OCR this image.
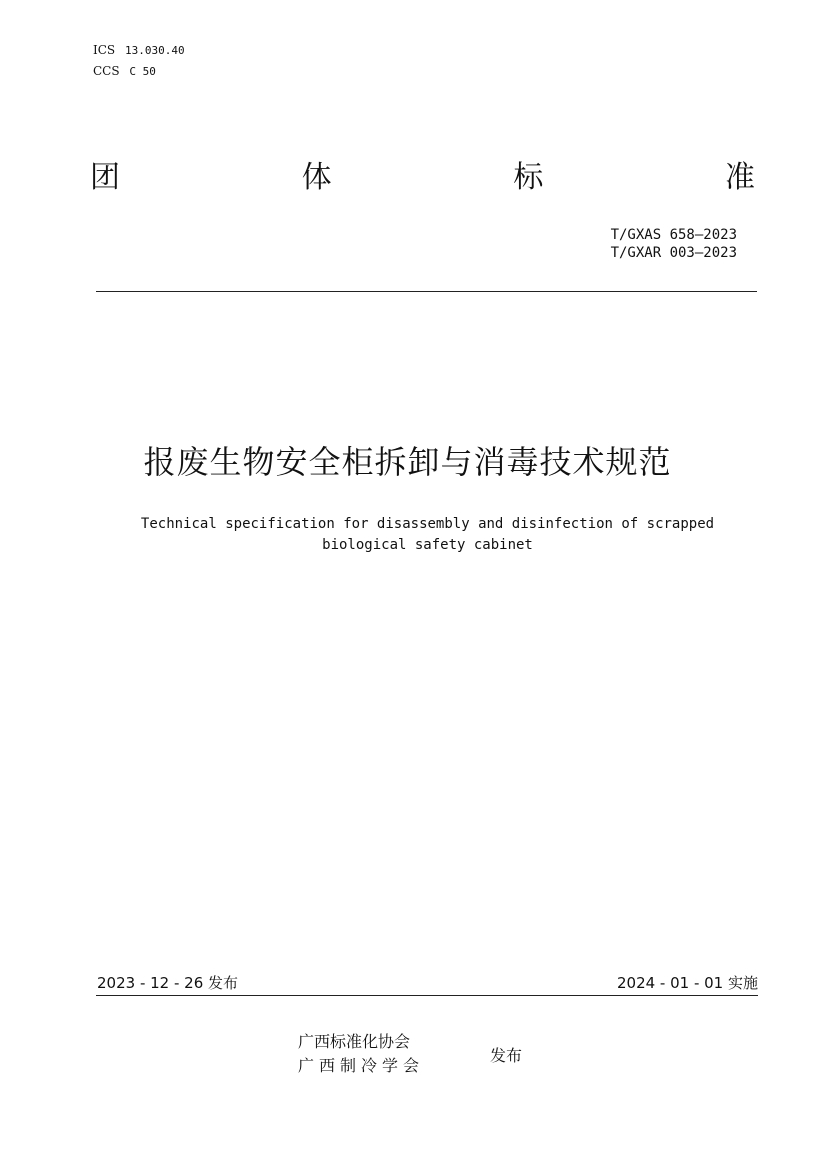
ICS 13.030.40
CCS C 50
团	体	标	准
T/GXAS 658—2023
T/GXAR 003—2023
报废生物安全柜拆卸与消毒技术规范
Technical specification for disassembly and disinfection of scrapped
biological safety cabinet
2023 - 12 - 26 发布	2024 - 01 - 01 实施
广西标准化协会
广西制冷学会
发布
